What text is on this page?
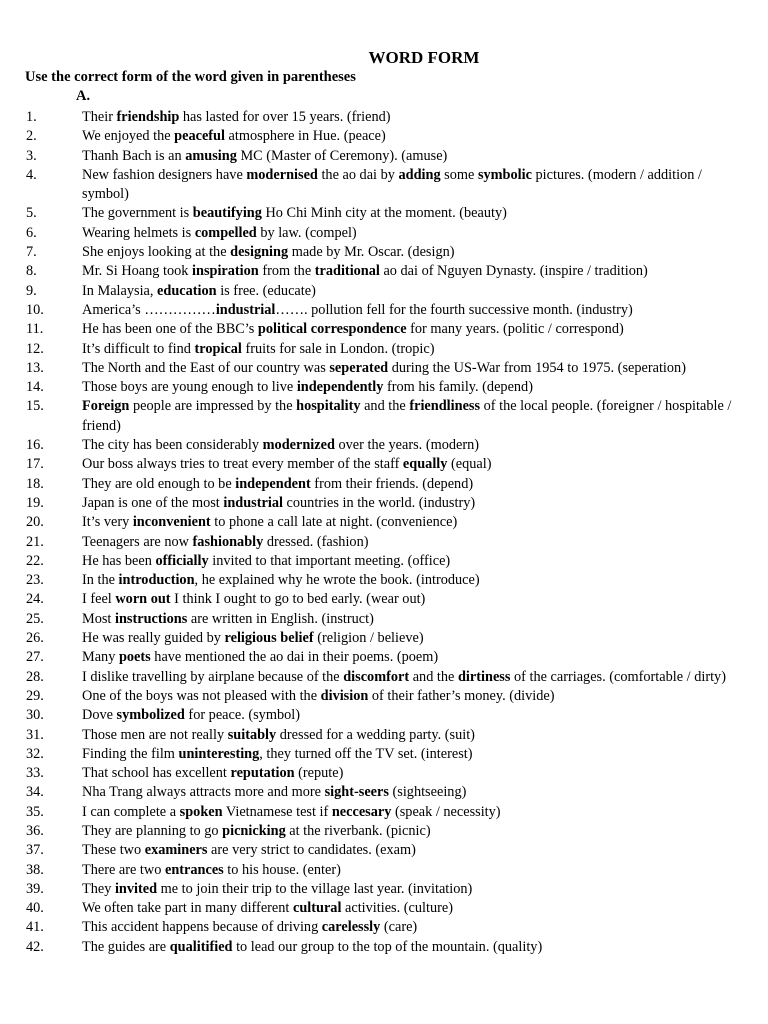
WORD FORM
Use the correct form of the word given in parentheses
A.
1.	Their friendship has lasted for over 15 years. (friend)
2.	We enjoyed the peaceful atmosphere in Hue. (peace)
3.	Thanh Bach is an amusing MC (Master of Ceremony). (amuse)
4.	New fashion designers have modernised the ao dai by adding some symbolic pictures. (modern / addition / symbol)
5.	The government is beautifying Ho Chi Minh city at the moment. (beauty)
6.	Wearing helmets is compelled by law. (compel)
7.	She enjoys looking at the designing made by Mr. Oscar. (design)
8.	Mr. Si Hoang took inspiration from the traditional ao dai of Nguyen Dynasty. (inspire / tradition)
9.	In Malaysia, education is free. (educate)
10.	America’s ……………industrial……. pollution fell for the fourth successive month. (industry)
11.	He has been one of the BBC’s political correspondence for many years. (politic / correspond)
12.	It’s difficult to find tropical fruits for sale in London. (tropic)
13.	The North and the East of our country was seperated during the US-War from 1954 to 1975. (seperation)
14.	Those boys are young enough to live independently from his family. (depend)
15.	Foreign people are impressed by the hospitality and the friendliness of the local people. (foreigner / hospitable / friend)
16.	The city has been considerably modernized over the years. (modern)
17.	Our boss always tries to treat every member of the staff equally (equal)
18.	They are old enough to be independent from their friends. (depend)
19.	Japan is one of the most industrial countries in the world. (industry)
20.	It’s very inconvenient to phone a call late at night. (convenience)
21.	Teenagers are now fashionably dressed. (fashion)
22.	He has been officially invited to that important meeting. (office)
23.	In the introduction, he explained why he wrote the book. (introduce)
24.	I feel worn out I think I ought to go to bed early. (wear out)
25.	Most instructions are written in English. (instruct)
26.	He was really guided by religious belief (religion / believe)
27.	Many poets have mentioned the ao dai in their poems. (poem)
28.	I dislike travelling by airplane because of the discomfort and the dirtiness of the carriages. (comfortable / dirty)
29.	One of the boys was not pleased with the division of their father’s money. (divide)
30.	Dove symbolized for peace. (symbol)
31.	Those men are not really suitably dressed for a wedding party. (suit)
32.	Finding the film uninteresting, they turned off the TV set. (interest)
33.	That school has excellent reputation (repute)
34.	Nha Trang always attracts more and more sight-seers (sightseeing)
35.	I can complete a spoken Vietnamese test if neccesary (speak / necessity)
36.	They are planning to go picnicking at the riverbank. (picnic)
37.	These two examiners are very strict to candidates. (exam)
38.	There are two entrances to his house. (enter)
39.	They invited me to join their trip to the village last year. (invitation)
40.	We often take part in many different cultural activities. (culture)
41.	This accident happens because of driving carelessly (care)
42.	The guides are qualitified to lead our group to the top of the mountain. (quality)
